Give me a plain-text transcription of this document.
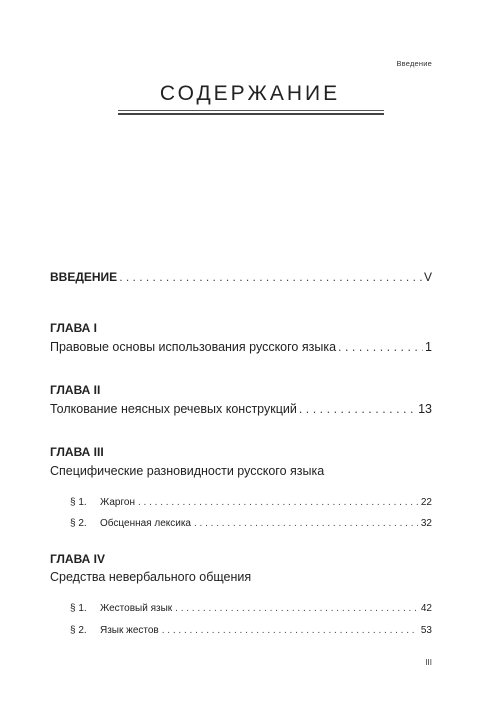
Введение
СОДЕРЖАНИЕ
ВВЕДЕНИЕ . . .	V
ГЛАВА I
Правовые основы использования русского языка . . .	1
ГЛАВА II
Толкование неясных речевых конструкций . . .	13
ГЛАВА III
Специфические разновидности русского языка
§ 1.	Жаргон . . .	22
§ 2.	Обсценная лексика . . .	32
ГЛАВА IV
Средства невербального общения
§ 1.	Жестовый язык . . .	42
§ 2.	Язык жестов . . .	53
III
